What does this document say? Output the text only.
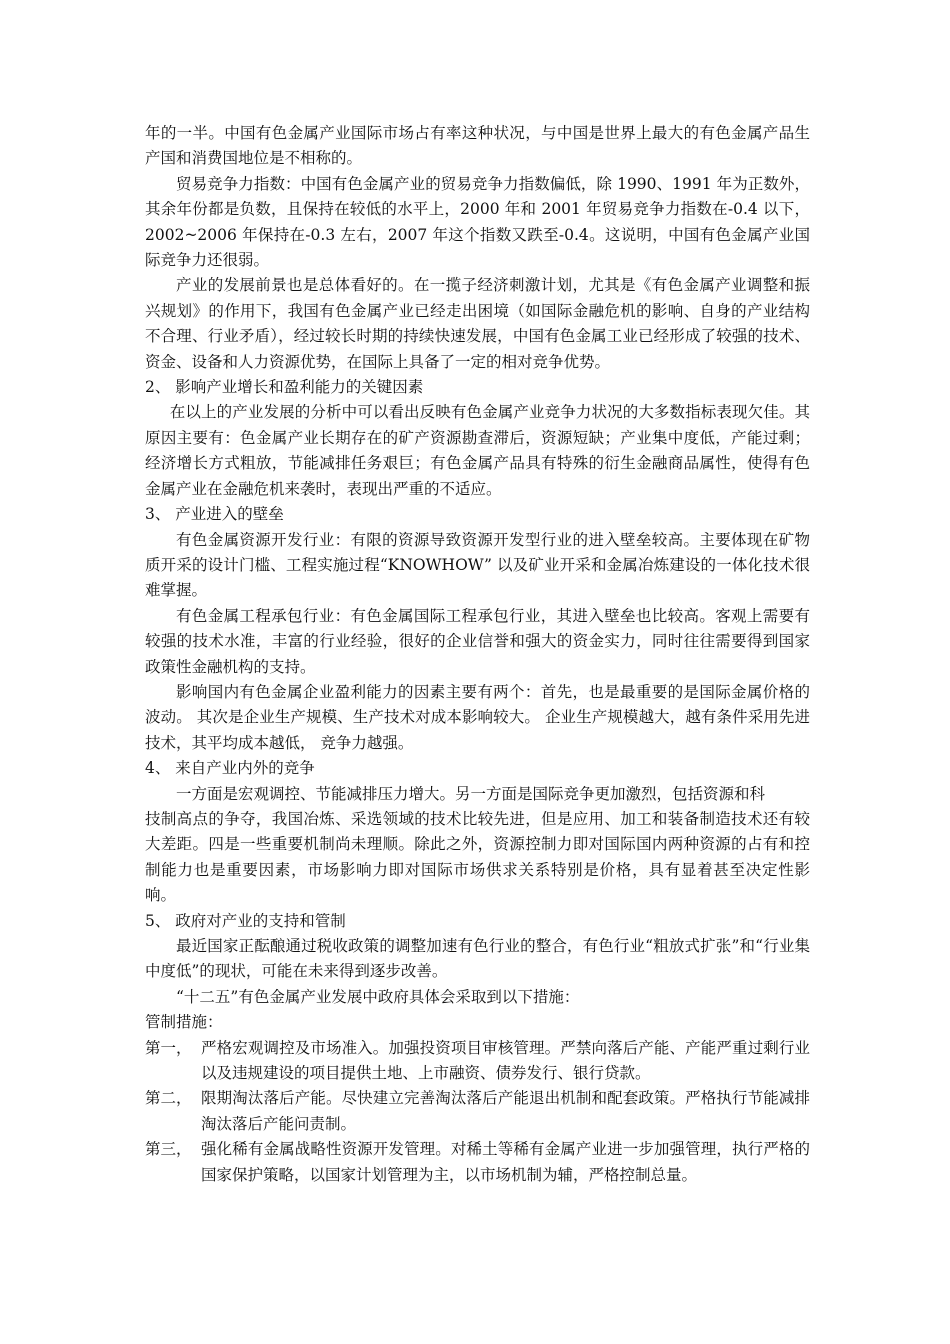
年的一半。中国有色金属产业国际市场占有率这种状况，与中国是世界上最大的有色金属产品生产国和消费国地位是不相称的。

贸易竞争力指数：中国有色金属产业的贸易竞争力指数偏低，除 1990、1991 年为正数外，其余年份都是负数，且保持在较低的水平上，2000 年和 2001 年贸易竞争力指数在-0.4 以下，2002~2006 年保持在-0.3 左右，2007 年这个指数又跌至-0.4。这说明，中国有色金属产业国际竞争力还很弱。

产业的发展前景也是总体看好的。在一揽子经济刺激计划，尤其是《有色金属产业调整和振兴规划》的作用下，我国有色金属产业已经走出困境（如国际金融危机的影响、自身的产业结构不合理、行业矛盾），经过较长时期的持续快速发展，中国有色金属工业已经形成了较强的技术、资金、设备和人力资源优势，在国际上具备了一定的相对竞争优势。

2、 影响产业增长和盈利能力的关键因素

在以上的产业发展的分析中可以看出反映有色金属产业竞争力状况的大多数指标表现欠佳。其原因主要有：色金属产业长期存在的矿产资源勘查滞后，资源短缺；产业集中度低，产能过剩；经济增长方式粗放，节能减排任务艰巨；有色金属产品具有特殊的衍生金融商品属性，使得有色金属产业在金融危机来袭时，表现出严重的不适应。

3、 产业进入的壁垒

有色金属资源开发行业：有限的资源导致资源开发型行业的进入壁垒较高。主要体现在矿物质开采的设计门槛、工程实施过程“KNOWHOW” 以及矿业开采和金属冶炼建设的一体化技术很难掌握。

有色金属工程承包行业：有色金属国际工程承包行业，其进入壁垒也比较高。客观上需要有较强的技术水准，丰富的行业经验，很好的企业信誉和强大的资金实力，同时往往需要得到国家政策性金融机构的支持。

影响国内有色金属企业盈利能力的因素主要有两个：首先，也是最重要的是国际金属价格的波动。 其次是企业生产规模、生产技术对成本影响较大。 企业生产规模越大，越有条件采用先进技术，其平均成本越低， 竞争力越强。

4、 来自产业内外的竞争

一方面是宏观调控、节能减排压力增大。另一方面是国际竞争更加激烈，包括资源和科

技制高点的争夺，我国冶炼、采选领域的技术比较先进，但是应用、加工和装备制造技术还有较大差距。四是一些重要机制尚未理顺。除此之外，资源控制力即对国际国内两种资源的占有和控制能力也是重要因素，市场影响力即对国际市场供求关系特别是价格，具有显着甚至决定性影响。

5、 政府对产业的支持和管制

最近国家正酝酿通过税收政策的调整加速有色行业的整合，有色行业“粗放式扩张”和“行业集中度低”的现状，可能在未来得到逐步改善。

“十二五”有色金属产业发展中政府具体会采取到以下措施：

管制措施：

第一， 严格宏观调控及市场准入。加强投资项目审核管理。严禁向落后产能、产能严重过剩行业以及违规建设的项目提供土地、上市融资、债券发行、银行贷款。
第二， 限期淘汰落后产能。尽快建立完善淘汰落后产能退出机制和配套政策。严格执行节能减排淘汰落后产能问责制。
第三， 强化稀有金属战略性资源开发管理。对稀土等稀有金属产业进一步加强管理，执行严格的国家保护策略，以国家计划管理为主，以市场机制为辅，严格控制总量。
